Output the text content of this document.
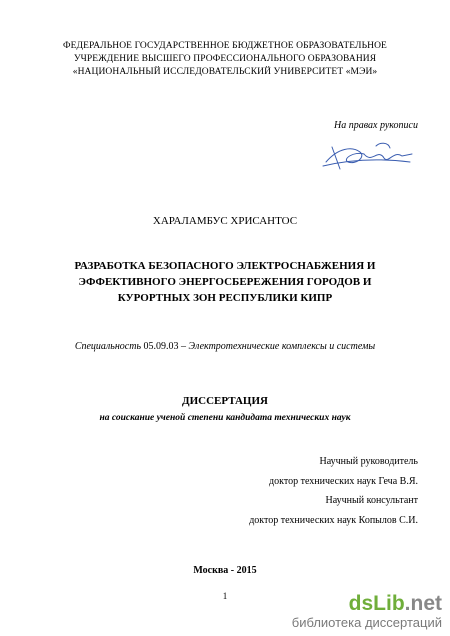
ФЕДЕРАЛЬНОЕ ГОСУДАРСТВЕННОЕ БЮДЖЕТНОЕ ОБРАЗОВАТЕЛЬНОЕ
УЧРЕЖДЕНИЕ ВЫСШЕГО ПРОФЕССИОНАЛЬНОГО ОБРАЗОВАНИЯ
«НАЦИОНАЛЬНЫЙ ИССЛЕДОВАТЕЛЬСКИЙ УНИВЕРСИТЕТ «МЭИ»
На правах рукописи
ХАРАЛАМБУС ХРИСАНТОС
РАЗРАБОТКА БЕЗОПАСНОГО ЭЛЕКТРОСНАБЖЕНИЯ И
ЭФФЕКТИВНОГО ЭНЕРГОСБЕРЕЖЕНИЯ ГОРОДОВ И
КУРОРТНЫХ ЗОН РЕСПУБЛИКИ КИПР
Специальность 05.09.03 – Электротехнические комплексы и системы
ДИССЕРТАЦИЯ
на соискание ученой степени кандидата технических наук
Научный руководитель
доктор технических наук Геча В.Я.
Научный консультант
доктор технических наук Копылов С.И.
Москва - 2015
1	dsLib.net
библиотека диссертаций
